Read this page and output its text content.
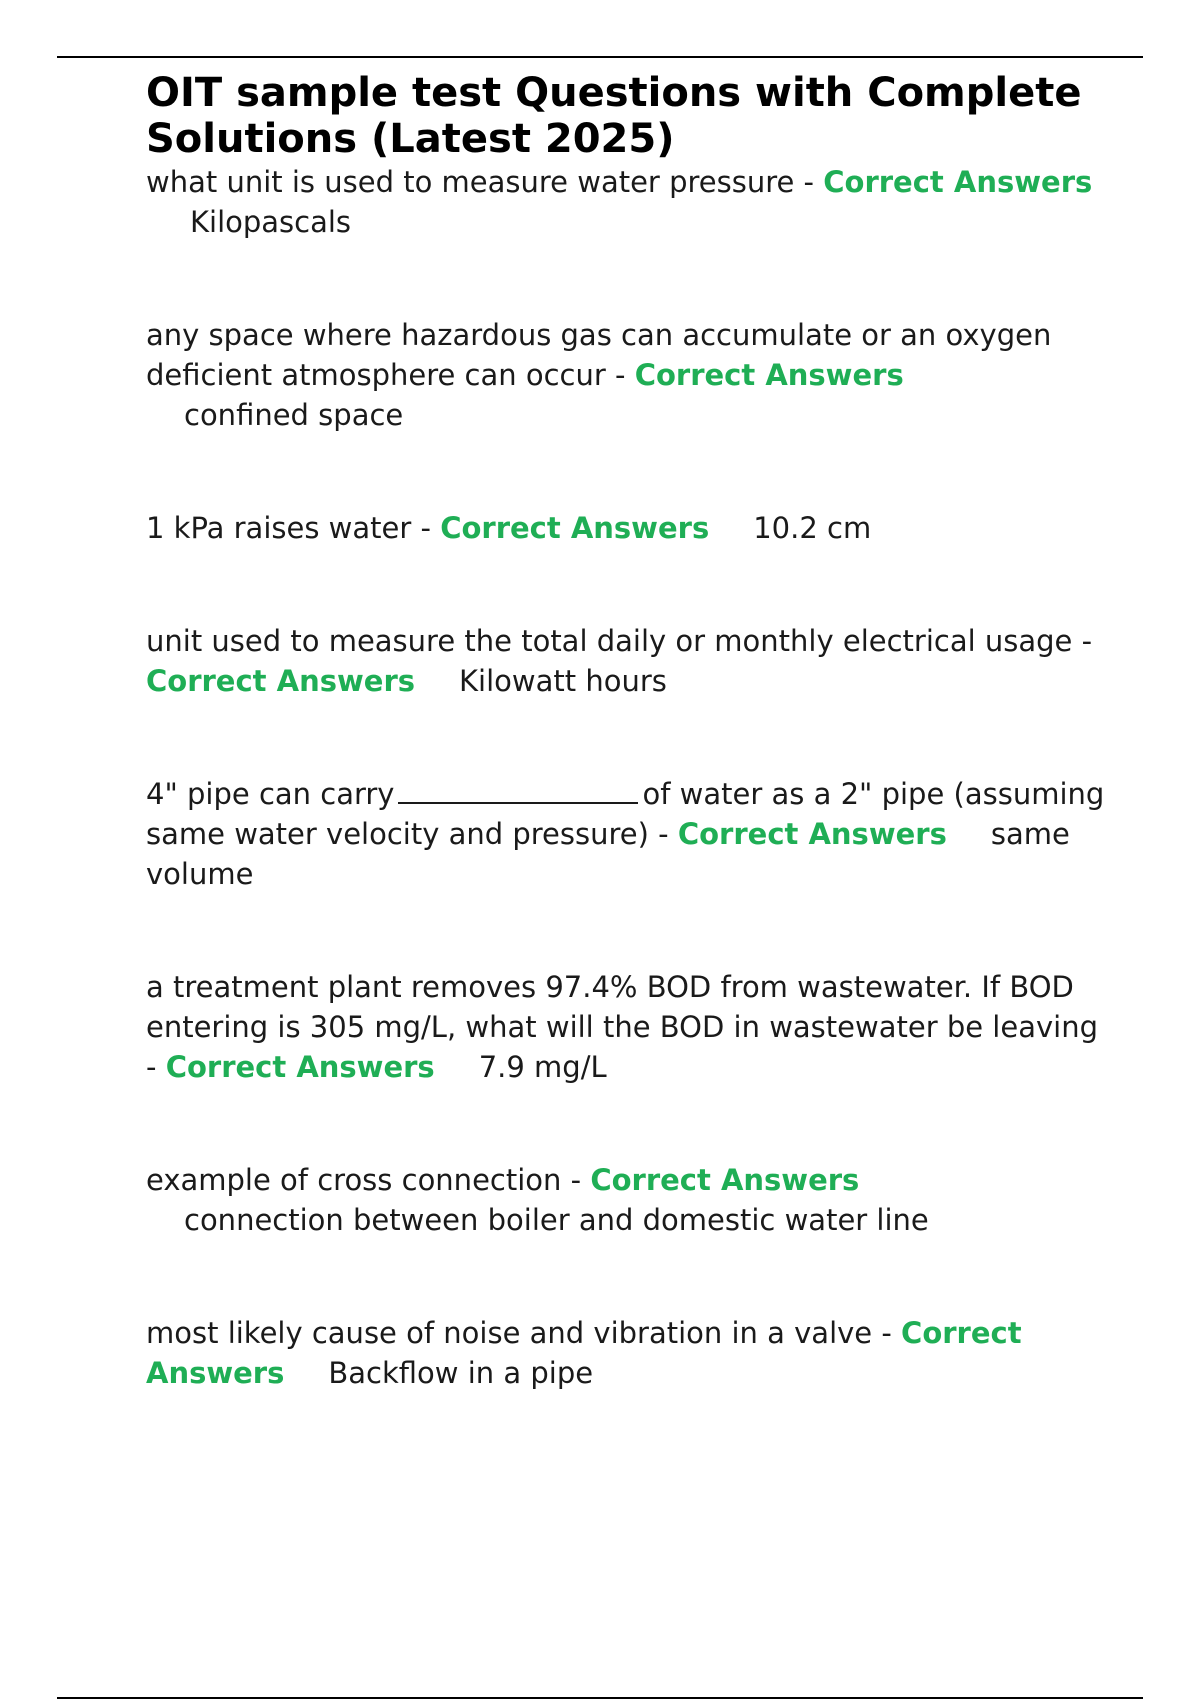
OIT sample test Questions with Complete Solutions (Latest 2025)

what unit is used to measure water pressure - Correct AnswersKilopascals

any space where hazardous gas can accumulate or an oxygen deficient atmosphere can occur - Correct Answers
confined space

1 kPa raises water - Correct Answers 10.2 cm

unit used to measure the total daily or monthly electrical usage - Correct Answers Kilowatt hours

4" pipe can carry	of water as a 2" pipe (assuming same water velocity and pressure) - Correct Answers same volume

a treatment plant removes 97.4% BOD from wastewater. If BOD entering is 305 mg/L, what will the BOD in wastewater be leaving - Correct Answers 7.9 mg/L

example of cross connection - Correct Answers
connection between boiler and domestic water line

most likely cause of noise and vibration in a valve - Correct Answers Backflow in a pipe
